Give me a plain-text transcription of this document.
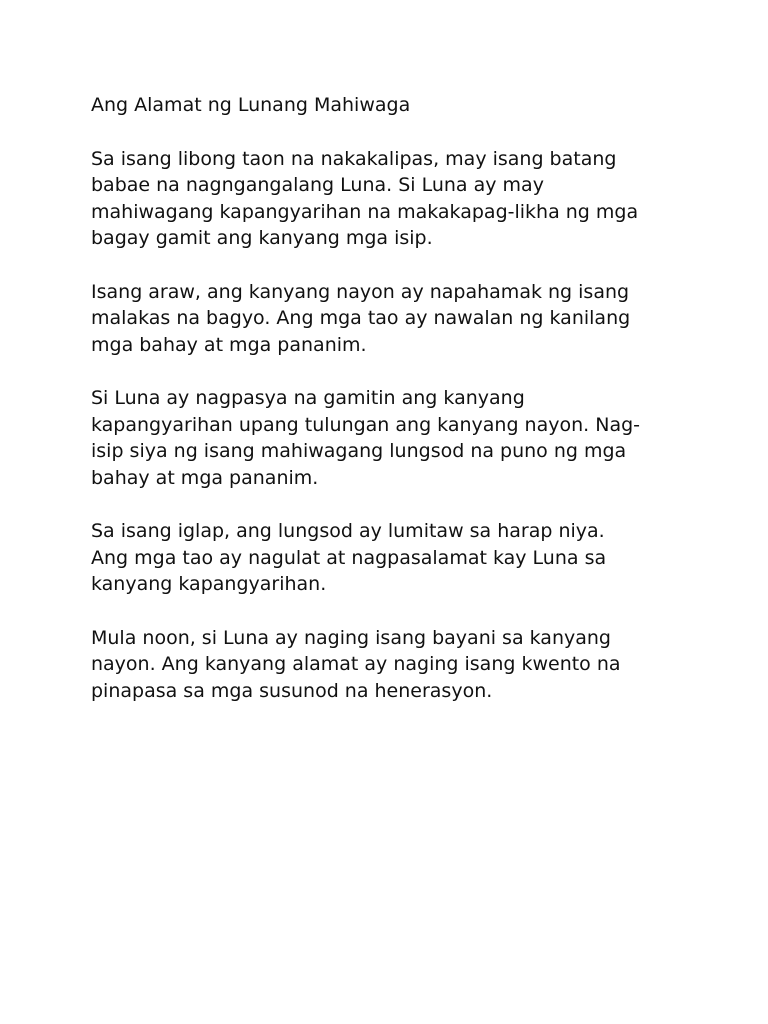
Ang Alamat ng Lunang Mahiwaga
Sa isang libong taon na nakakalipas, may isang batang
babae na nagngangalang Luna. Si Luna ay may
mahiwagang kapangyarihan na makakapag-likha ng mga
bagay gamit ang kanyang mga isip.
Isang araw, ang kanyang nayon ay napahamak ng isang
malakas na bagyo. Ang mga tao ay nawalan ng kanilang
mga bahay at mga pananim.
Si Luna ay nagpasya na gamitin ang kanyang
kapangyarihan upang tulungan ang kanyang nayon. Nag-
isip siya ng isang mahiwagang lungsod na puno ng mga
bahay at mga pananim.
Sa isang iglap, ang lungsod ay lumitaw sa harap niya.
Ang mga tao ay nagulat at nagpasalamat kay Luna sa
kanyang kapangyarihan.
Mula noon, si Luna ay naging isang bayani sa kanyang
nayon. Ang kanyang alamat ay naging isang kwento na
pinapasa sa mga susunod na henerasyon.
